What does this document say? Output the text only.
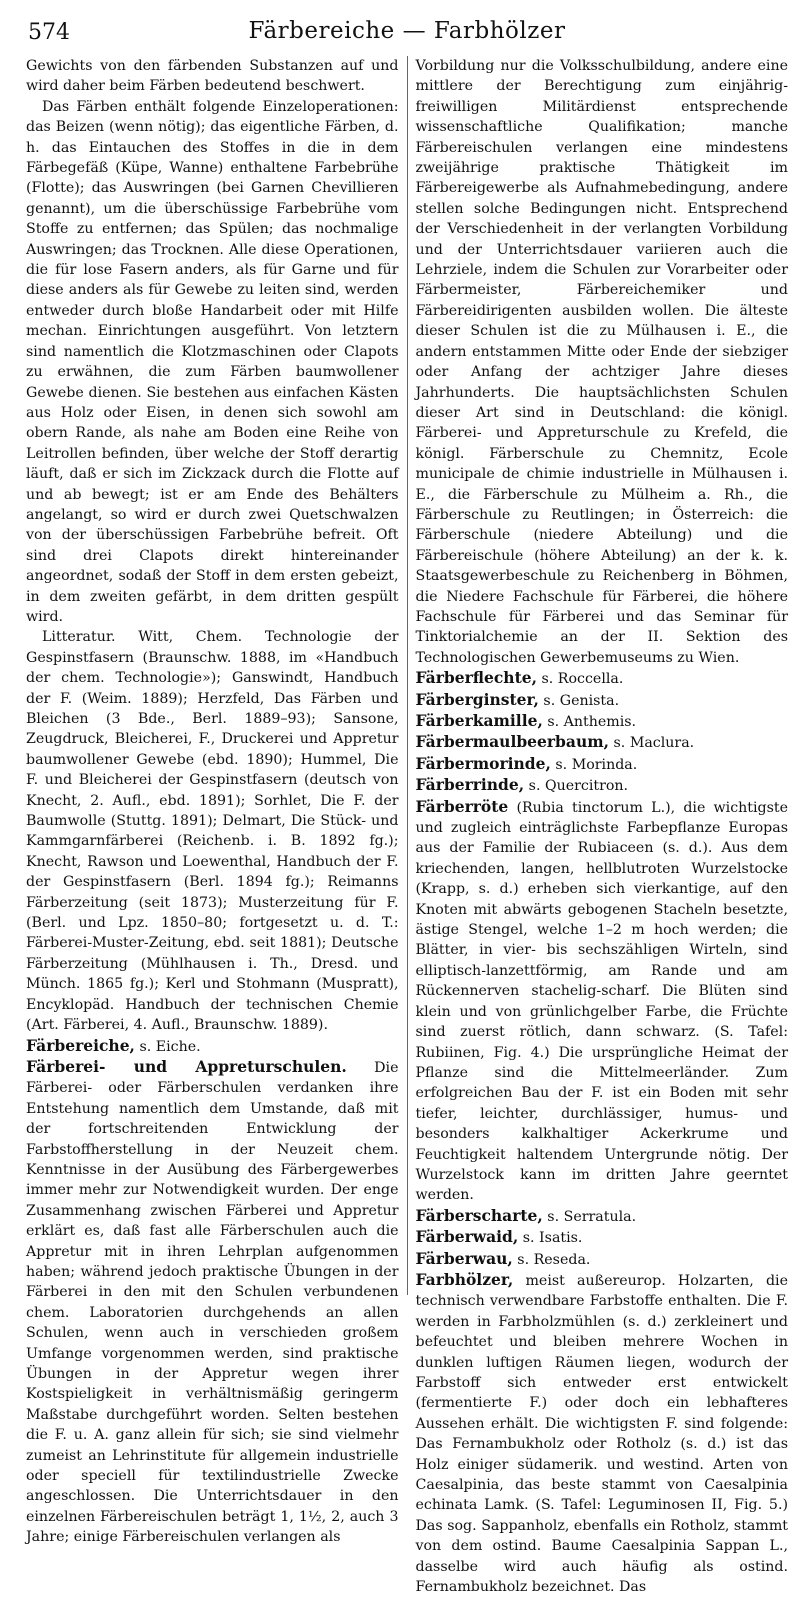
574	Färbereiche — Farbhölzer

Gewichts von den färbenden Substanzen auf und wird daher beim Färben bedeutend beschwert.

Das Färben enthält folgende Einzeloperationen: das Beizen (wenn nötig); das eigentliche Färben, d. h. das Eintauchen des Stoffes in die in dem Färbegefäß (Küpe, Wanne) enthaltene Farbebrühe (Flotte); das Auswringen (bei Garnen Chevillieren genannt), um die überschüssige Farbebrühe vom Stoffe zu entfernen; das Spülen; das nochmalige Auswringen; das Trocknen. Alle diese Operationen, die für lose Fasern anders, als für Garne und für diese anders als für Gewebe zu leiten sind, werden entweder durch bloße Handarbeit oder mit Hilfe mechan. Einrichtungen ausgeführt. Von letztern sind namentlich die Klotzmaschinen oder Clapots zu erwähnen, die zum Färben baumwollener Gewebe dienen. Sie bestehen aus einfachen Kästen aus Holz oder Eisen, in denen sich sowohl am obern Rande, als nahe am Boden eine Reihe von Leitrollen befinden, über welche der Stoff derartig läuft, daß er sich im Zickzack durch die Flotte auf und ab bewegt; ist er am Ende des Behälters angelangt, so wird er durch zwei Quetschwalzen von der überschüssigen Farbebrühe befreit. Oft sind drei Clapots direkt hintereinander angeordnet, sodaß der Stoff in dem ersten gebeizt, in dem zweiten gefärbt, in dem dritten gespült wird.

Litteratur. Witt, Chem. Technologie der Gespinstfasern (Braunschw. 1888, im «Handbuch der chem. Technologie»); Ganswindt, Handbuch der F. (Weim. 1889); Herzfeld, Das Färben und Bleichen (3 Bde., Berl. 1889–93); Sansone, Zeugdruck, Bleicherei, F., Druckerei und Appretur baumwollener Gewebe (ebd. 1890); Hummel, Die F. und Bleicherei der Gespinstfasern (deutsch von Knecht, 2. Aufl., ebd. 1891); Sorhlet, Die F. der Baumwolle (Stuttg. 1891); Delmart, Die Stück- und Kammgarnfärberei (Reichenb. i. B. 1892 fg.); Knecht, Rawson und Loewenthal, Handbuch der F. der Gespinstfasern (Berl. 1894 fg.); Reimanns Färberzeitung (seit 1873); Musterzeitung für F. (Berl. und Lpz. 1850–80; fortgesetzt u. d. T.: Färberei-Muster-Zeitung, ebd. seit 1881); Deutsche Färberzeitung (Mühlhausen i. Th., Dresd. und Münch. 1865 fg.); Kerl und Stohmann (Muspratt), Encyklopäd. Handbuch der technischen Chemie (Art. Färberei, 4. Aufl., Braunschw. 1889).

Färbereiche, s. Eiche.

Färberei- und Appreturschulen. Die Färberei- oder Färberschulen verdanken ihre Entstehung namentlich dem Umstande, daß mit der fortschreitenden Entwicklung der Farbstoffherstellung in der Neuzeit chem. Kenntnisse in der Ausübung des Färbergewerbes immer mehr zur Notwendigkeit wurden. Der enge Zusammenhang zwischen Färberei und Appretur erklärt es, daß fast alle Färberschulen auch die Appretur mit in ihren Lehrplan aufgenommen haben; während jedoch praktische Übungen in der Färberei in den mit den Schulen verbundenen chem. Laboratorien durchgehends an allen Schulen, wenn auch in verschieden großem Umfange vorgenommen werden, sind praktische Übungen in der Appretur wegen ihrer Kostspieligkeit in verhältnismäßig geringerm Maßstabe durchgeführt worden. Selten bestehen die F. u. A. ganz allein für sich; sie sind vielmehr zumeist an Lehrinstitute für allgemein industrielle oder speciell für textilindustrielle Zwecke angeschlossen. Die Unterrichtsdauer in den einzelnen Färbereischulen beträgt 1, 1½, 2, auch 3 Jahre; einige Färbereischulen verlangen als

Vorbildung nur die Volksschulbildung, andere eine mittlere der Berechtigung zum einjährig-freiwilligen Militärdienst entsprechende wissenschaftliche Qualifikation; manche Färbereischulen verlangen eine mindestens zweijährige praktische Thätigkeit im Färbereigewerbe als Aufnahmebedingung, andere stellen solche Bedingungen nicht. Entsprechend der Verschiedenheit in der verlangten Vorbildung und der Unterrichtsdauer variieren auch die Lehrziele, indem die Schulen zur Vorarbeiter oder Färbermeister, Färbereichemiker und Färbereidirigenten ausbilden wollen. Die älteste dieser Schulen ist die zu Mülhausen i. E., die andern entstammen Mitte oder Ende der siebziger oder Anfang der achtziger Jahre dieses Jahrhunderts. Die hauptsächlichsten Schulen dieser Art sind in Deutschland: die königl. Färberei- und Appreturschule zu Krefeld, die königl. Färberschule zu Chemnitz, Ecole municipale de chimie industrielle in Mülhausen i. E., die Färberschule zu Mülheim a. Rh., die Färberschule zu Reutlingen; in Österreich: die Färberschule (niedere Abteilung) und die Färbereischule (höhere Abteilung) an der k. k. Staatsgewerbeschule zu Reichenberg in Böhmen, die Niedere Fachschule für Färberei, die höhere Fachschule für Färberei und das Seminar für Tinktorialchemie an der II. Sektion des Technologischen Gewerbemuseums zu Wien.

Färberflechte, s. Roccella.

Färberginster, s. Genista.

Färberkamille, s. Anthemis.

Färbermaulbeerbaum, s. Maclura.

Färbermorinde, s. Morinda.

Färberrinde, s. Quercitron.

Färberröte (Rubia tinctorum L.), die wichtigste und zugleich einträglichste Farbepflanze Europas aus der Familie der Rubiaceen (s. d.). Aus dem kriechenden, langen, hellblutroten Wurzelstocke (Krapp, s. d.) erheben sich vierkantige, auf den Knoten mit abwärts gebogenen Stacheln besetzte, ästige Stengel, welche 1–2 m hoch werden; die Blätter, in vier- bis sechszähligen Wirteln, sind elliptisch-lanzettförmig, am Rande und am Rückennerven stachelig-scharf. Die Blüten sind klein und von grünlichgelber Farbe, die Früchte sind zuerst rötlich, dann schwarz. (S. Tafel: Rubiinen, Fig. 4.) Die ursprüngliche Heimat der Pflanze sind die Mittelmeerländer. Zum erfolgreichen Bau der F. ist ein Boden mit sehr tiefer, leichter, durchlässiger, humus- und besonders kalkhaltiger Ackerkrume und Feuchtigkeit haltendem Untergrunde nötig. Der Wurzelstock kann im dritten Jahre geerntet werden.

Färberscharte, s. Serratula.

Färberwaid, s. Isatis.

Färberwau, s. Reseda.

Farbhölzer, meist außereurop. Holzarten, die technisch verwendbare Farbstoffe enthalten. Die F. werden in Farbholzmühlen (s. d.) zerkleinert und befeuchtet und bleiben mehrere Wochen in dunklen luftigen Räumen liegen, wodurch der Farbstoff sich entweder erst entwickelt (fermentierte F.) oder doch ein lebhafteres Aussehen erhält. Die wichtigsten F. sind folgende: Das Fernambukholz oder Rotholz (s. d.) ist das Holz einiger südamerik. und westind. Arten von Caesalpinia, das beste stammt von Caesalpinia echinata Lamk. (S. Tafel: Leguminosen II, Fig. 5.) Das sog. Sappanholz, ebenfalls ein Rotholz, stammt von dem ostind. Baume Caesalpinia Sappan L., dasselbe wird auch häufig als ostind. Fernambukholz bezeichnet. Das
